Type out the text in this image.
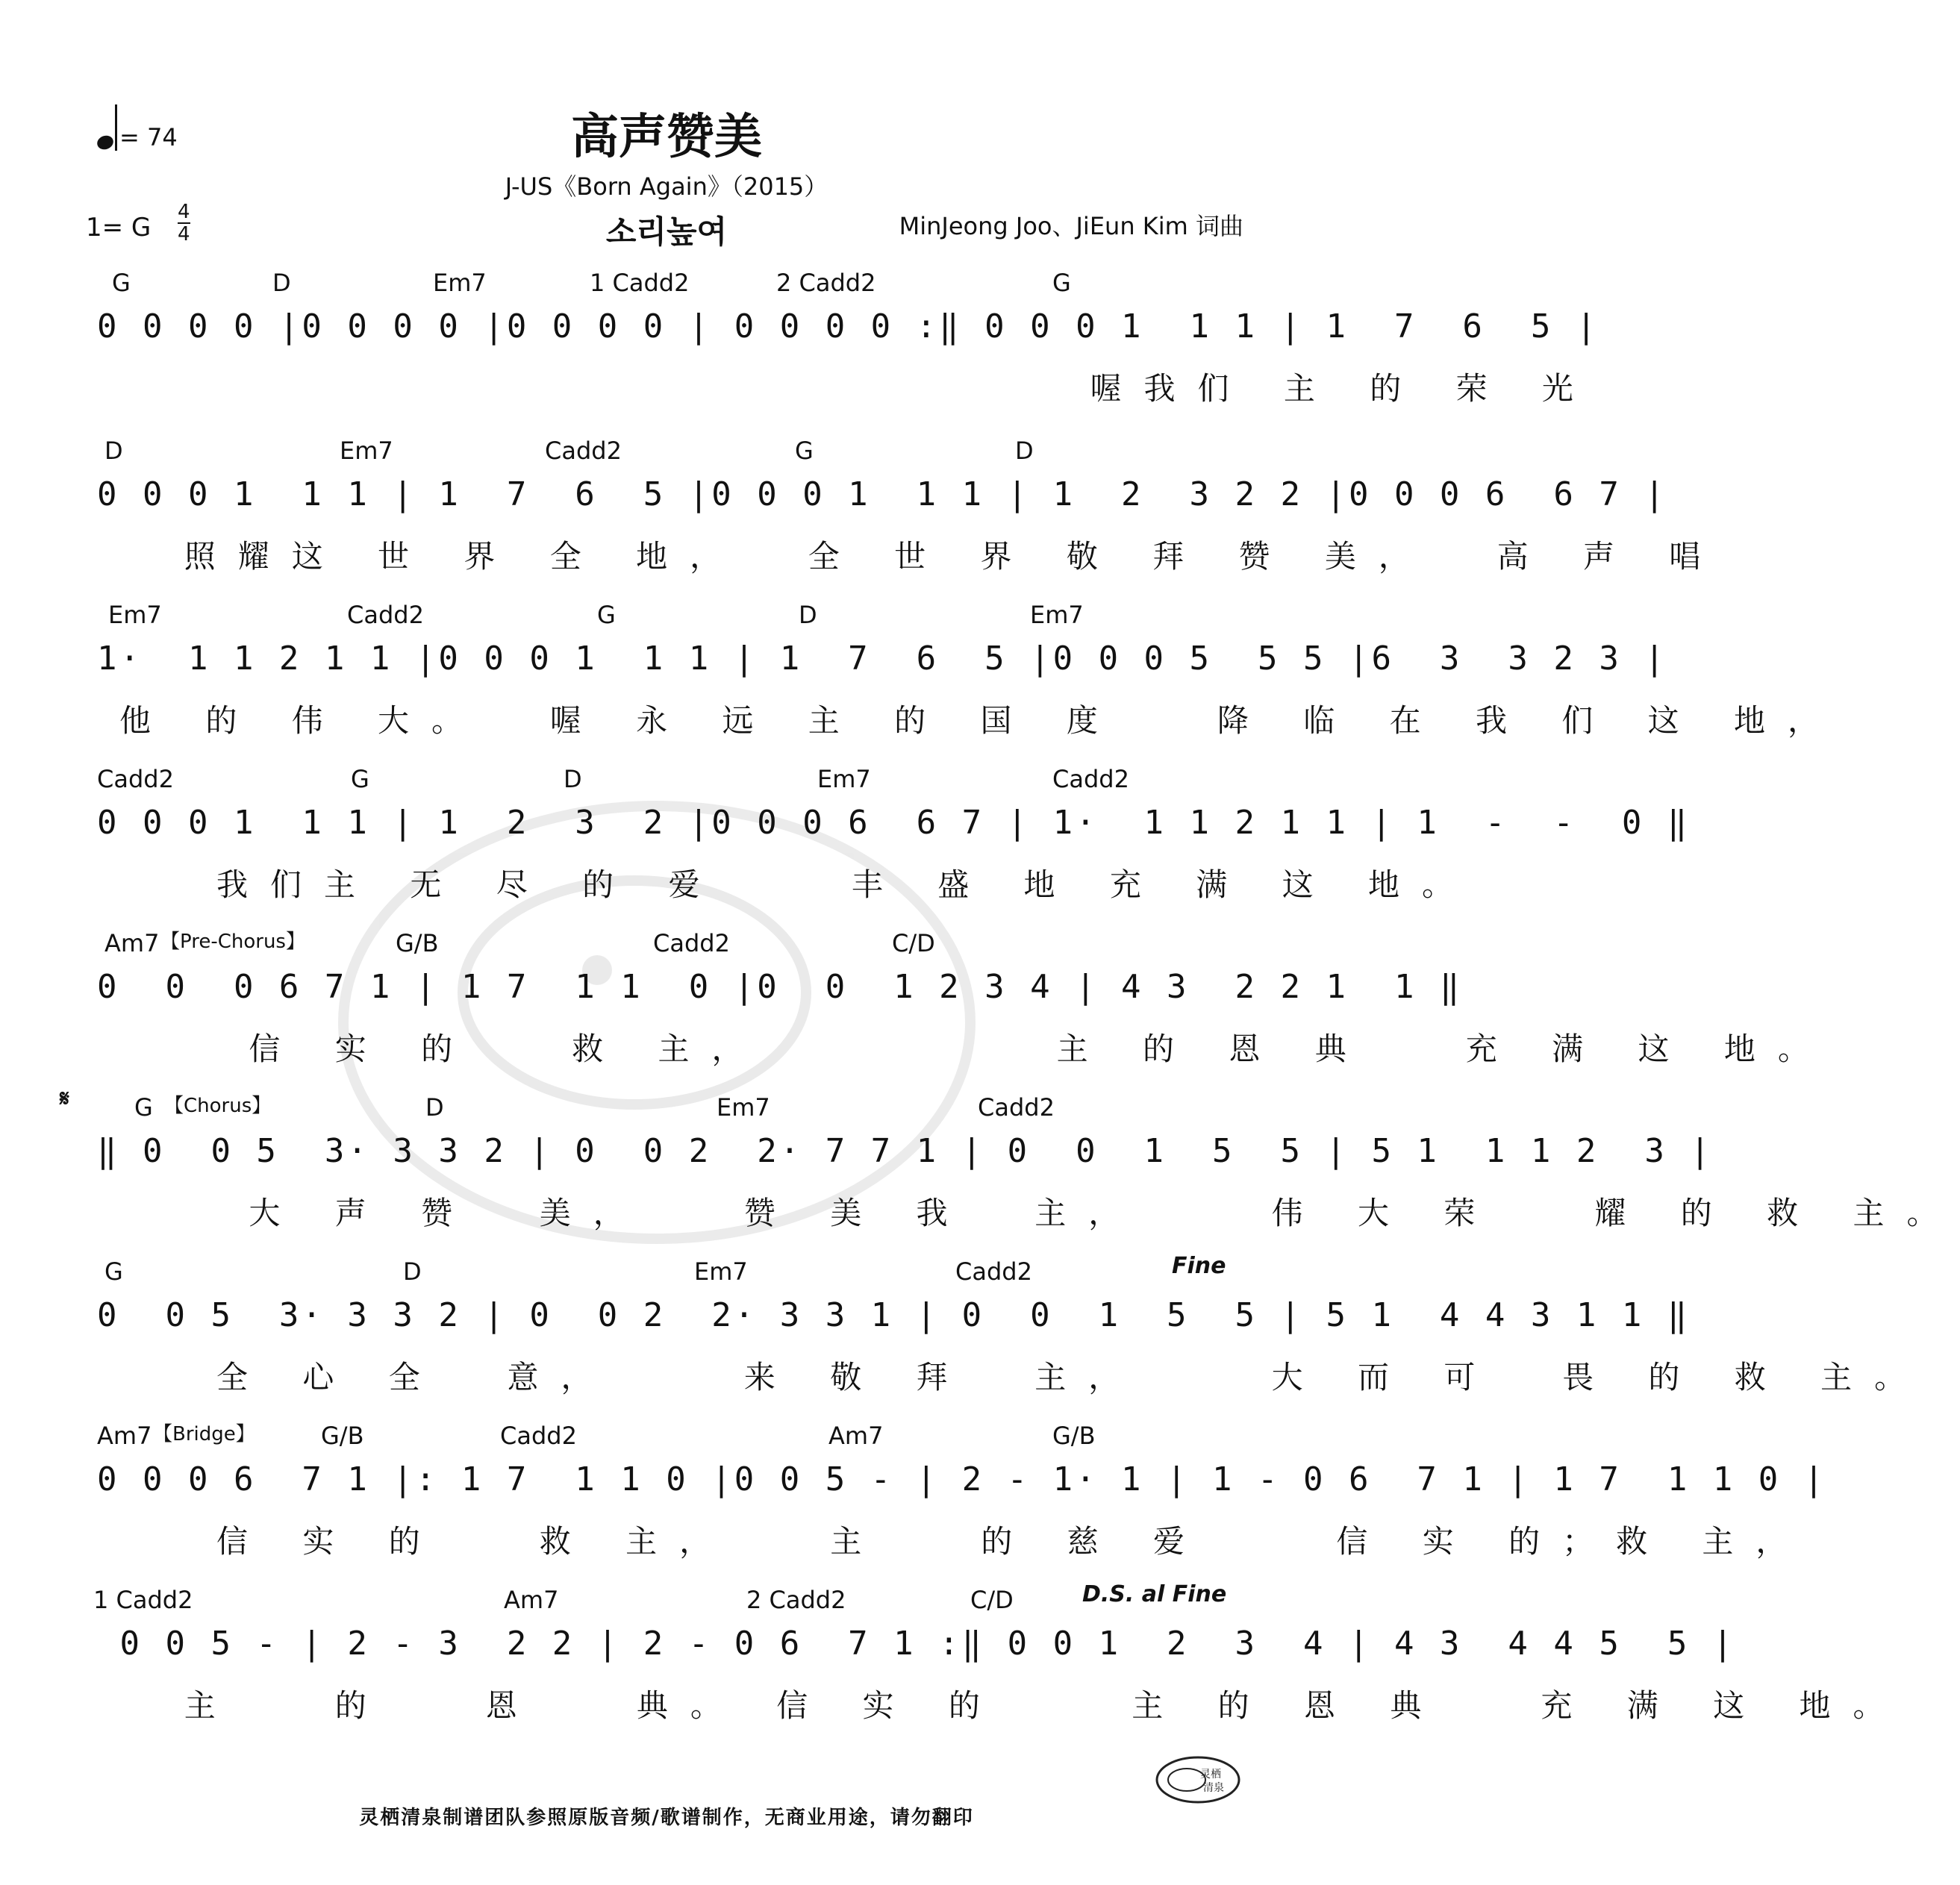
高声赞美
J-US《Born Again》（2015）
소리높여
= 74
1= G
4
4	MinJeong Joo、JiEun Kim 词曲
G	D	Em7	1 Cadd2	2 Cadd2	G
0 0 0 0 |0 0 0 0 |0 0 0 0 | 0 0 0 0 :‖ 0 0 0 1  1 1 | 1  7  6  5 |
喔我们 主 的 荣 光
D	Em7	Cadd2	G	D
0 0 0 1  1 1 | 1  7  6  5 |0 0 0 1  1 1 | 1  2  3 2 2 |0 0 0 6  6 7 |
照耀这 世 界 全 地，  全 世 界 敬 拜 赞 美，  高 声 唱
Em7	Cadd2	G	D	Em7
1·  1 1 2 1 1 |0 0 0 1  1 1 | 1  7  6  5 |0 0 0 5  5 5 |6  3  3 2 3 |
他 的 伟 大。  喔 永 远 主 的 国 度   降 临 在 我 们 这 地，
Cadd2	G	D	Em7	Cadd2
0 0 0 1  1 1 | 1  2  3  2 |0 0 0 6  6 7 | 1·  1 1 2 1 1 | 1  -  -  0 ‖
我们主 无 尽 的 爱    丰 盛 地 充 满 这 地。
Am7	G/B	Cadd2	C/D
【Pre-Chorus】
0  0  0 6 7 1 | 1 7  1 1  0 |0  0  1 2 3 4 | 4 3  2 2 1  1 ‖
信 实 的   救 主，         主 的 恩 典   充 满 这 地。
G	D	Em7	Cadd2
【Chorus】
𝄋
‖ 0  0 5  3· 3 3 2 | 0  0 2  2· 7 7 1 | 0  0  1  5  5 | 5 1  1 1 2  3 |
大 声 赞  美，   赞 美 我  主，    伟 大 荣   耀 的 救 主。
G	D	Em7	Cadd2	Fine
0  0 5  3· 3 3 2 | 0  0 2  2· 3 3 1 | 0  0  1  5  5 | 5 1  4 4 3 1 1 ‖
全 心 全  意，    来 敬 拜  主，    大 而 可  畏 的 救 主。
Am7	G/B	Cadd2	Am7	G/B
【Bridge】
0 0 0 6  7 1 |: 1 7  1 1 0 |0 0 5 - | 2 - 1· 1 | 1 - 0 6  7 1 | 1 7  1 1 0 |
信 实 的   救 主，   主   的 慈 爱    信 实 的；救 主，
1 Cadd2	Am7	2 Cadd2	C/D	D.S. al Fine
0 0 5 - | 2 - 3  2 2 | 2 - 0 6  7 1 :‖ 0 0 1  2  3  4 | 4 3  4 4 5  5 |
主   的   恩   典。 信 实 的    主 的 恩 典   充 满 这 地。
灵栖清泉制谱团队参照原版音频/歌谱制作，无商业用途，请勿翻印
灵栖
清泉
